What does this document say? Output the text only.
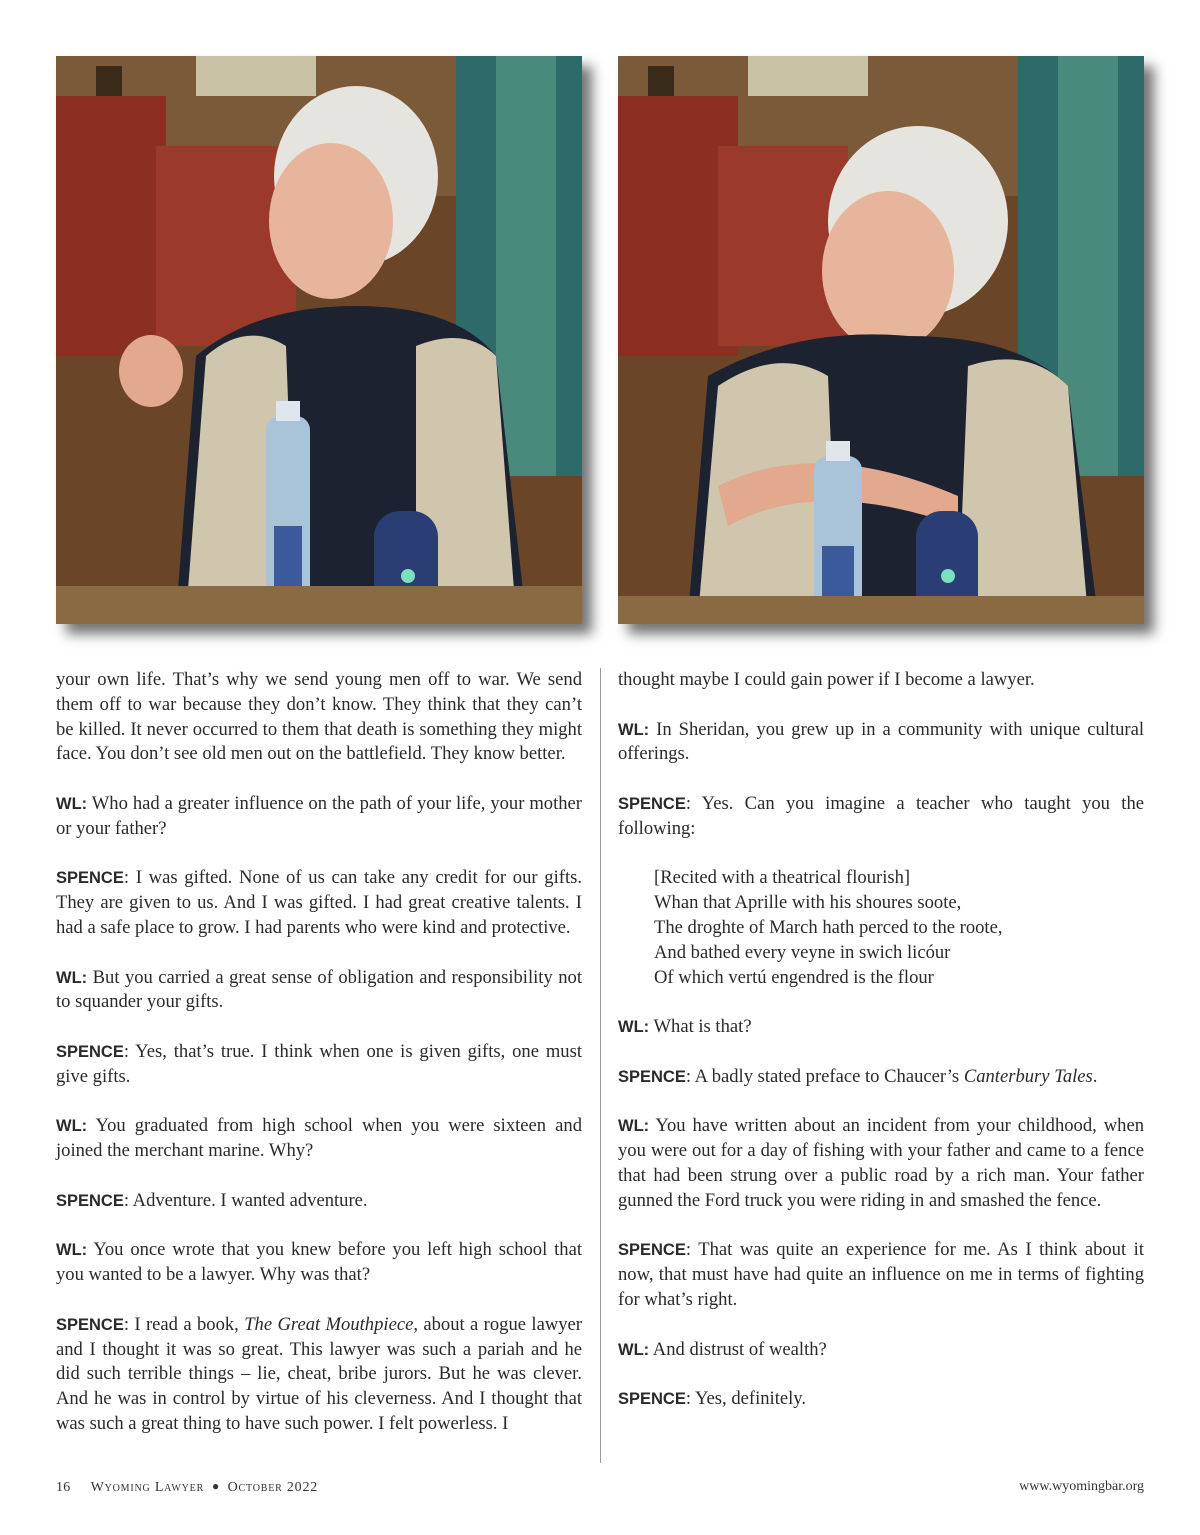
your own life. That’s why we send young men off to war. We send them off to war because they don’t know. They think that they can’t be killed. It never occurred to them that death is something they might face. You don’t see old men out on the battlefield. They know better.

WL: Who had a greater influence on the path of your life, your mother or your father?

SPENCE: I was gifted. None of us can take any credit for our gifts. They are given to us. And I was gifted. I had great creative talents. I had a safe place to grow. I had parents who were kind and protective.

WL: But you carried a great sense of obligation and responsibility not to squander your gifts.

SPENCE: Yes, that’s true. I think when one is given gifts, one must give gifts.

WL: You graduated from high school when you were sixteen and joined the merchant marine. Why?

SPENCE: Adventure. I wanted adventure.

WL: You once wrote that you knew before you left high school that you wanted to be a lawyer. Why was that?

SPENCE: I read a book, The Great Mouthpiece, about a rogue lawyer and I thought it was so great. This lawyer was such a pariah and he did such terrible things – lie, cheat, bribe jurors. But he was clever. And he was in control by virtue of his cleverness. And I thought that was such a great thing to have such power. I felt powerless. I

thought maybe I could gain power if I become a lawyer.

WL: In Sheridan, you grew up in a community with unique cultural offerings.

SPENCE: Yes. Can you imagine a teacher who taught you the following:

[Recited with a theatrical flourish]
Whan that Aprille with his shoures soote,
The droghte of March hath perced to the roote,
And bathed every veyne in swich licóur
Of which vertú engendred is the flour

WL: What is that?

SPENCE: A badly stated preface to Chaucer’s Canterbury Tales.

WL: You have written about an incident from your childhood, when you were out for a day of fishing with your father and came to a fence that had been strung over a public road by a rich man. Your father gunned the Ford truck you were riding in and smashed the fence.

SPENCE: That was quite an experience for me. As I think about it now, that must have had quite an influence on me in terms of fighting for what’s right.

WL: And distrust of wealth?

SPENCE: Yes, definitely.

16 Wyoming Lawyer ● October 2022	www.wyomingbar.org
